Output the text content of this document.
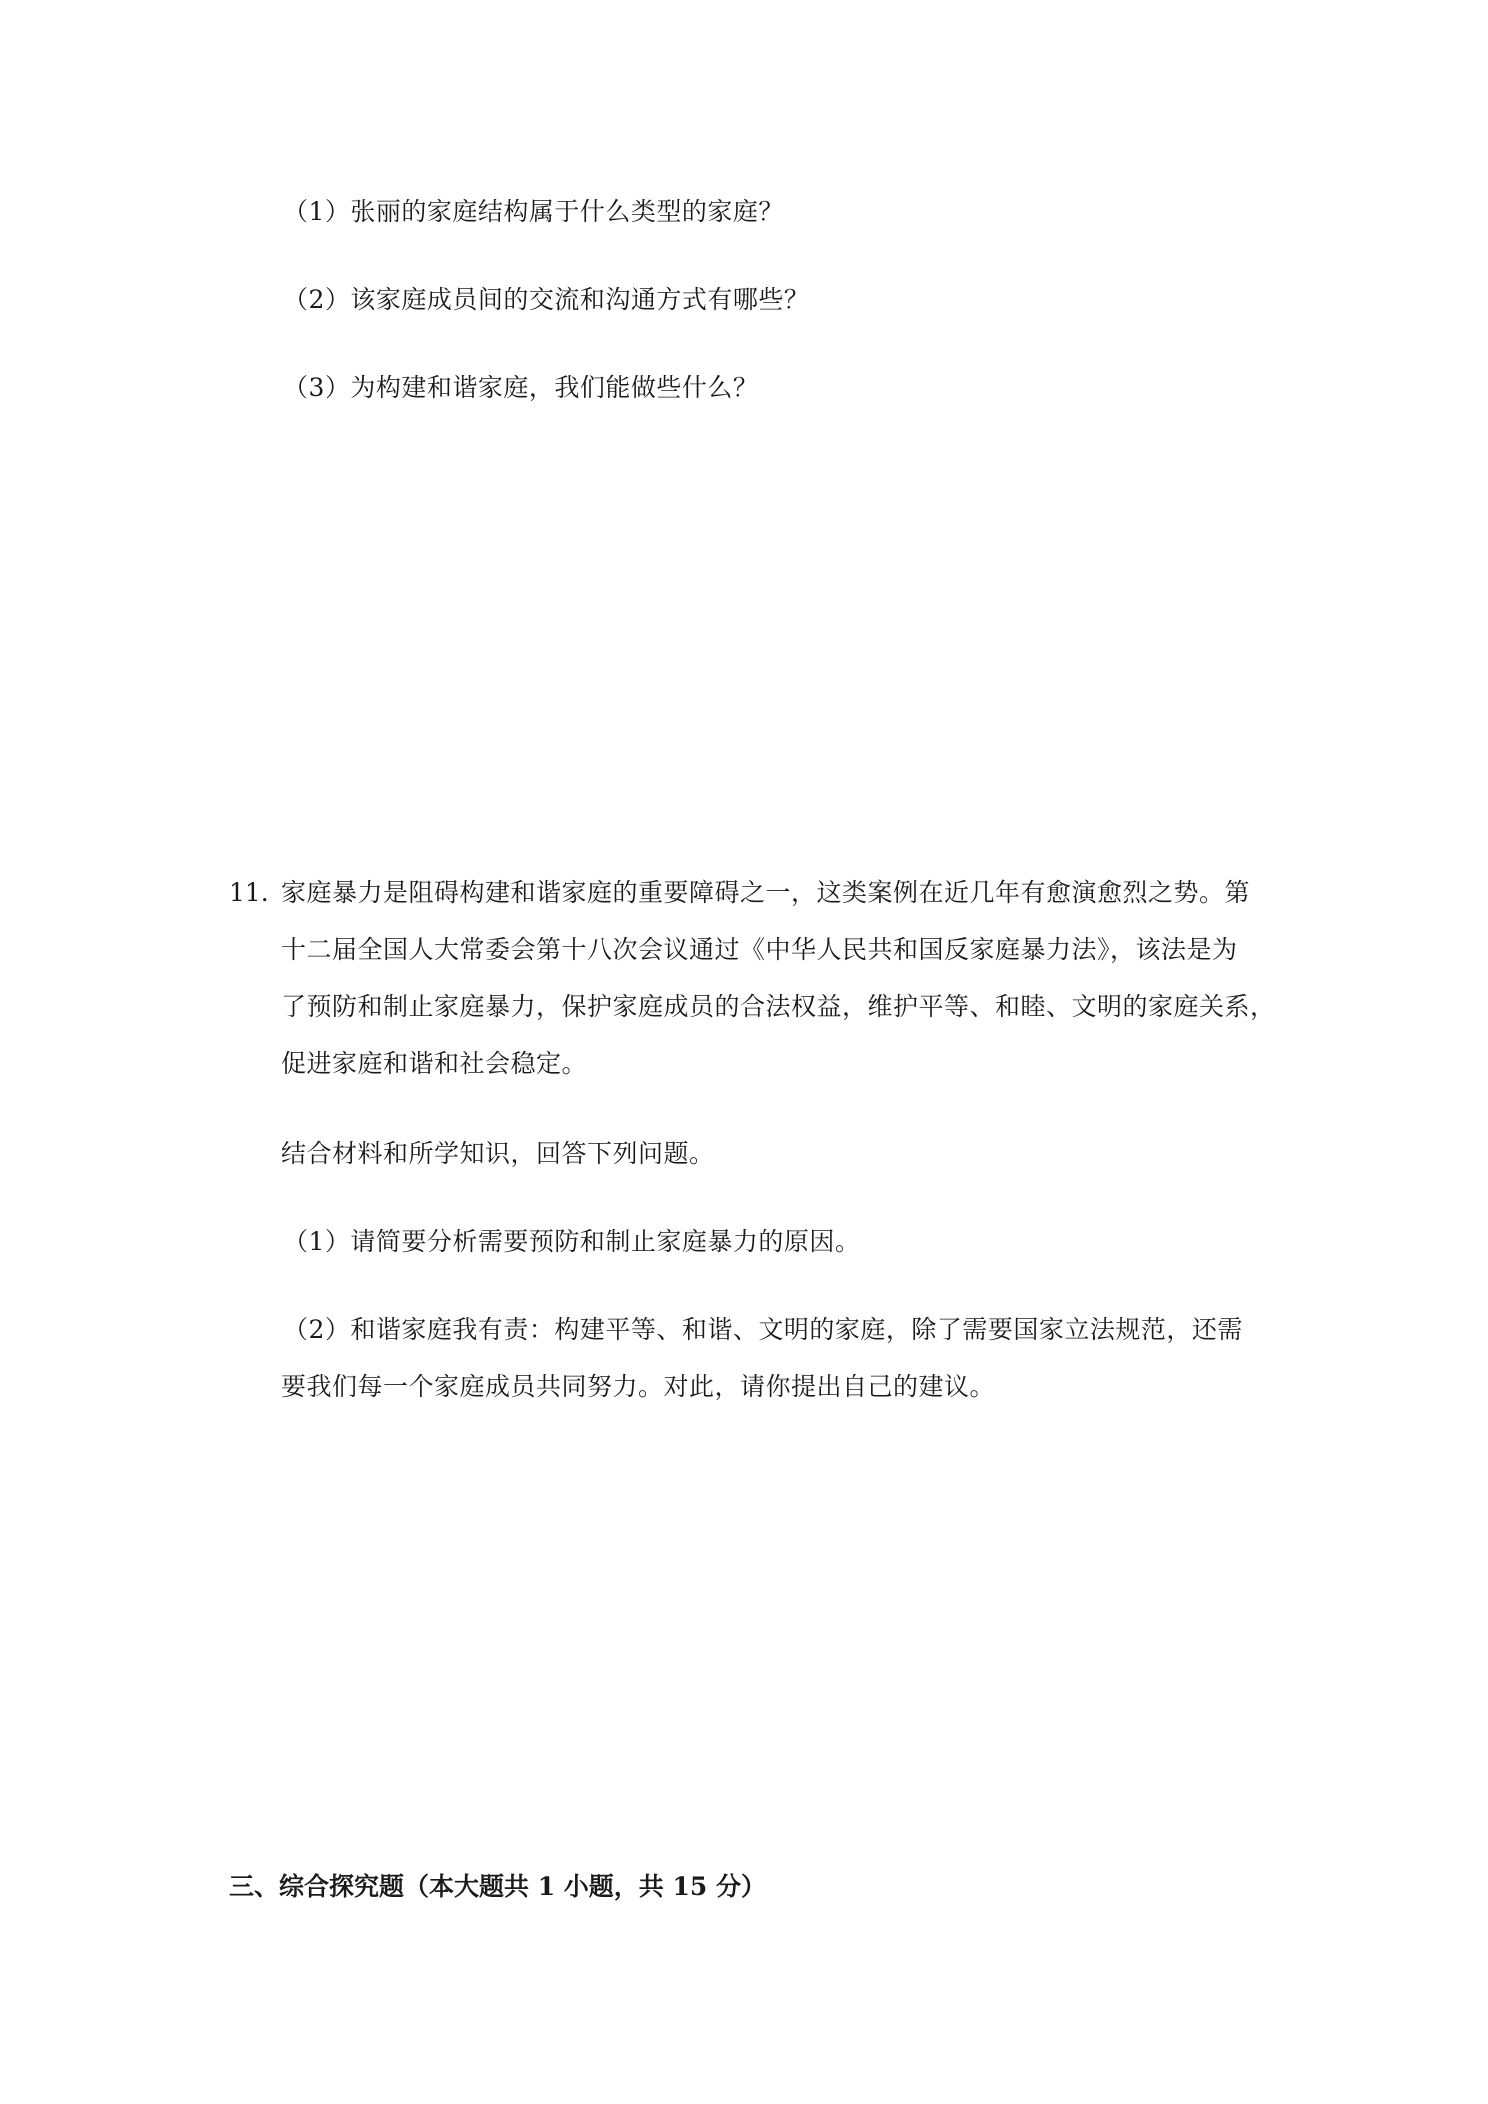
（1）张丽的家庭结构属于什么类型的家庭？
（2）该家庭成员间的交流和沟通方式有哪些？
（3）为构建和谐家庭，我们能做些什么？
11. 家庭暴力是阻碍构建和谐家庭的重要障碍之一，这类案例在近几年有愈演愈烈之势。第
十二届全国人大常委会第十八次会议通过《中华人民共和国反家庭暴力法》，该法是为
了预防和制止家庭暴力，保护家庭成员的合法权益，维护平等、和睦、文明的家庭关系，
促进家庭和谐和社会稳定。
结合材料和所学知识，回答下列问题。
（1）请简要分析需要预防和制止家庭暴力的原因。
（2）和谐家庭我有责：构建平等、和谐、文明的家庭，除了需要国家立法规范，还需
要我们每一个家庭成员共同努力。对此，请你提出自己的建议。
三、综合探究题（本大题共 1 小题，共 15 分）
